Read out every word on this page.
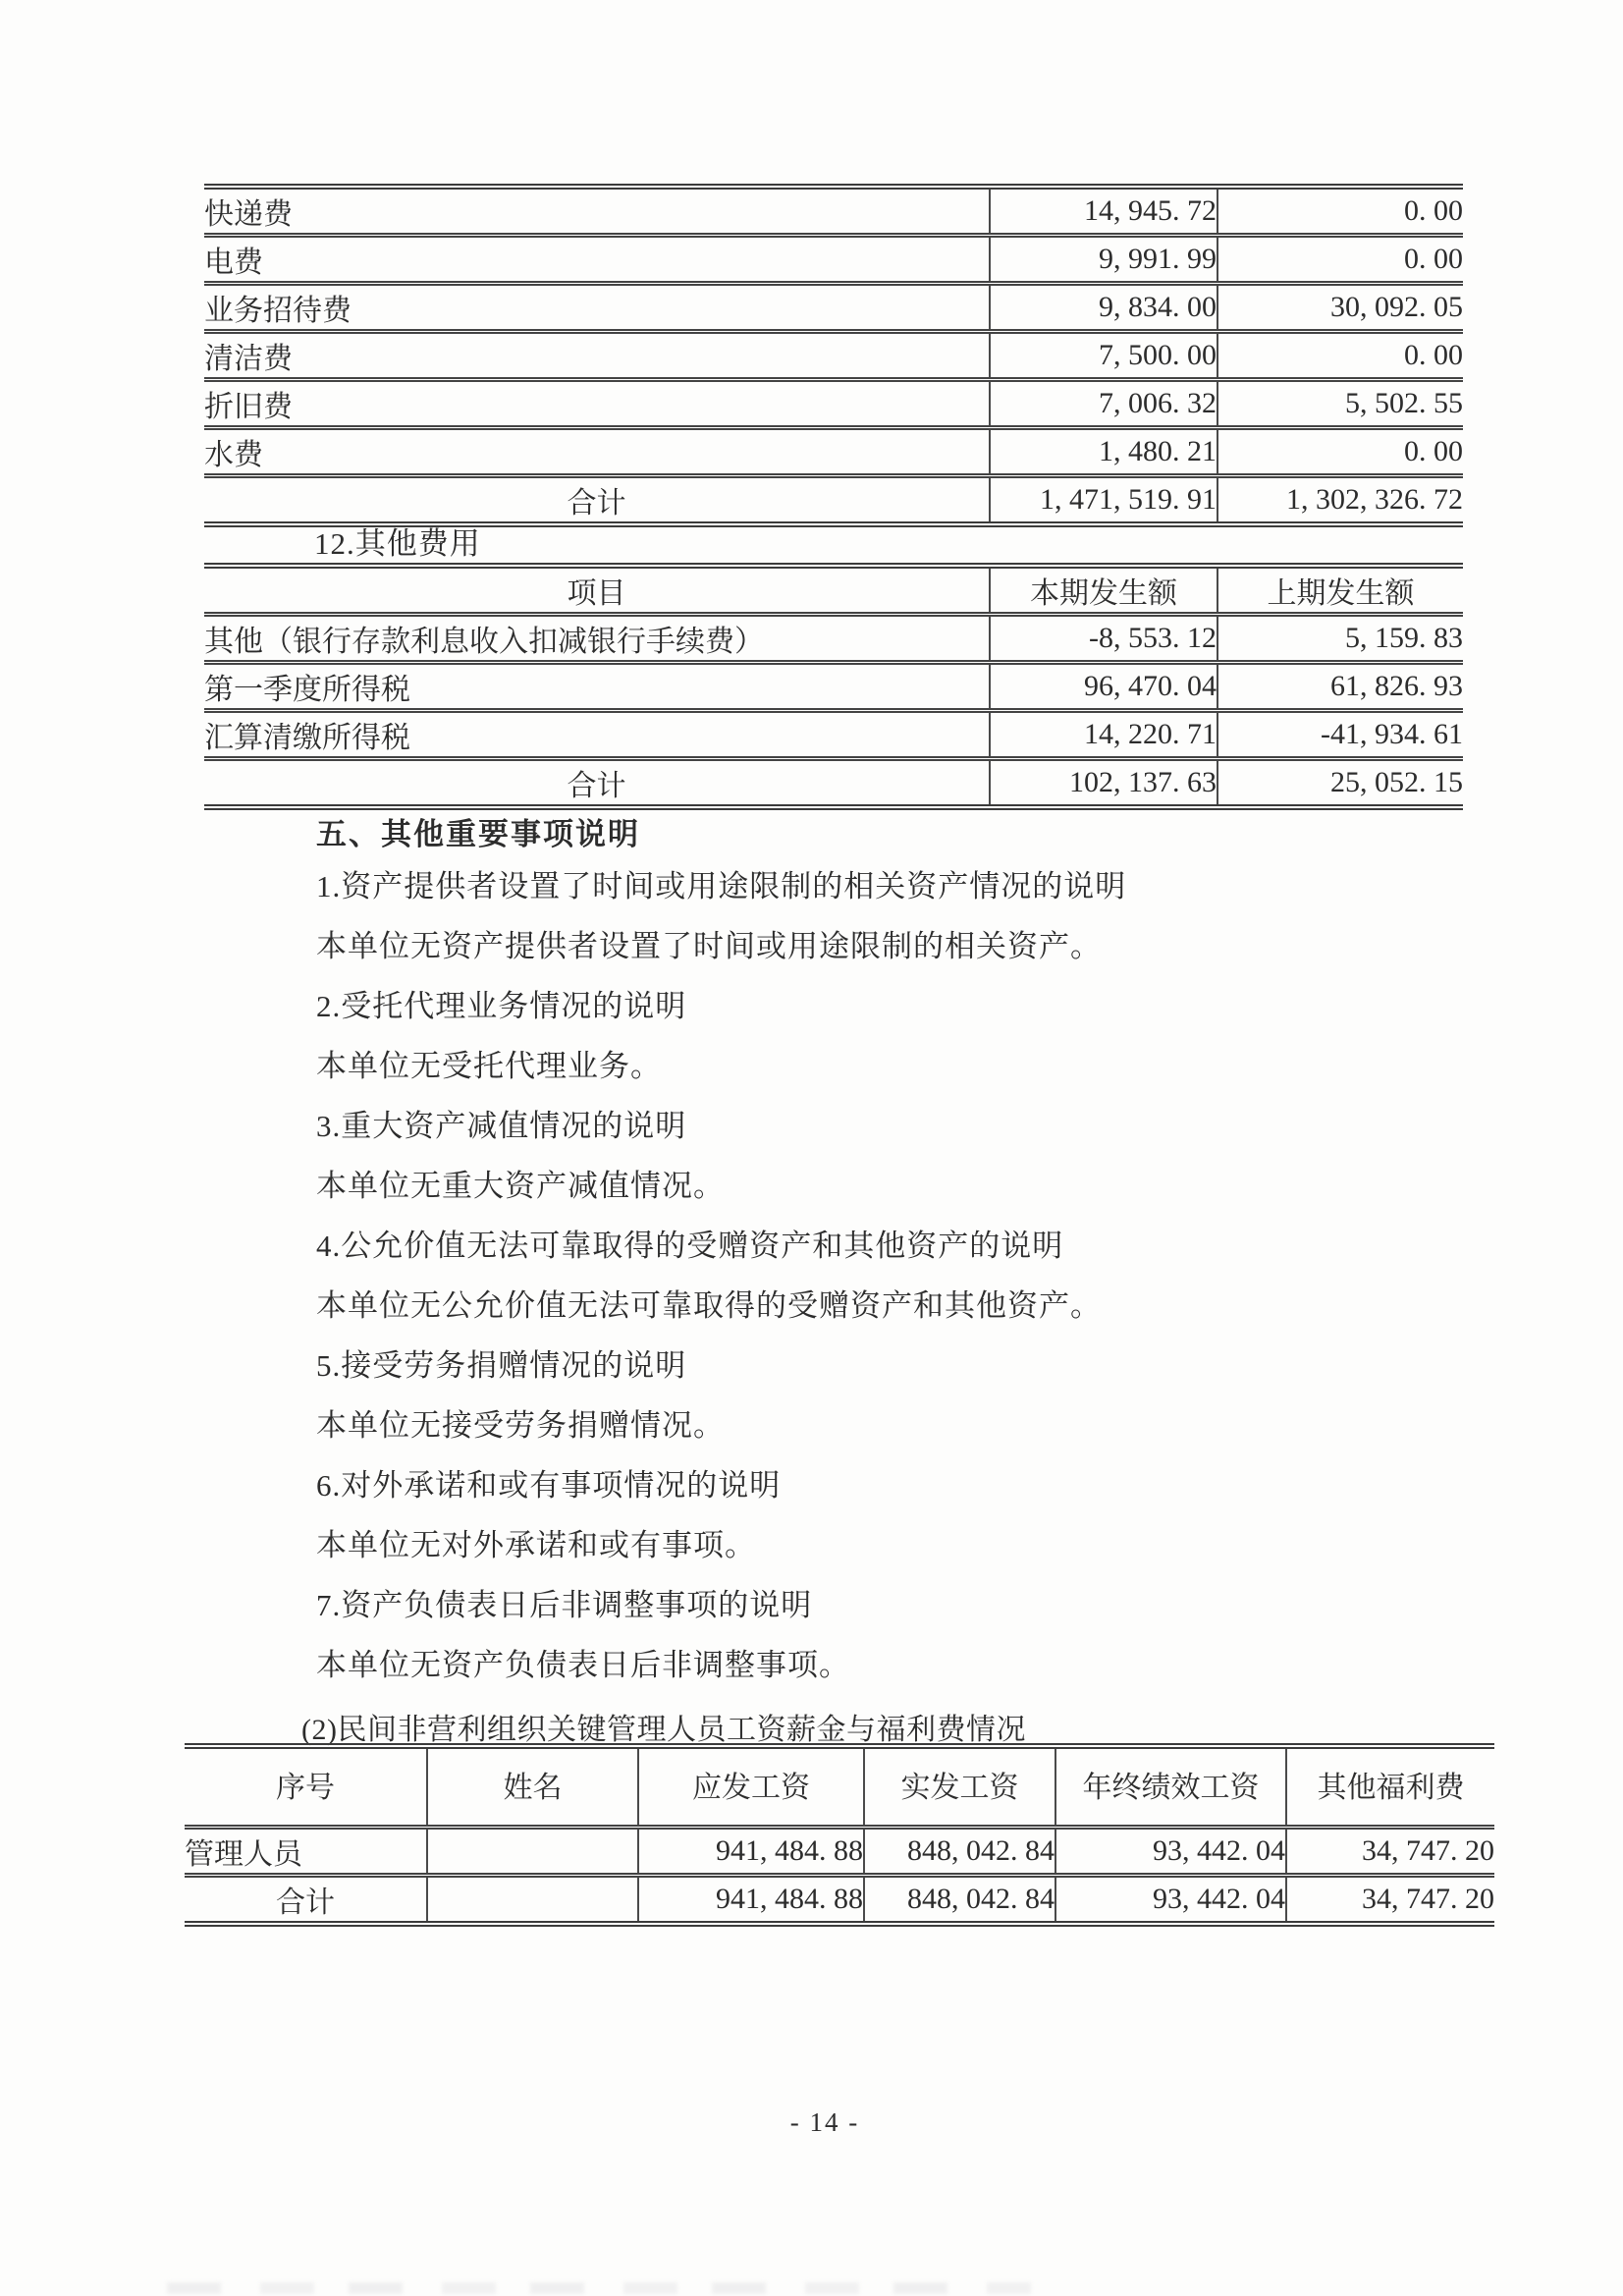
快递费	14, 945. 72	0. 00
电费	9, 991. 99	0. 00
业务招待费	9, 834. 00	30, 092. 05
清洁费	7, 500. 00	0. 00
折旧费	7, 006. 32	5, 502. 55
水费	1, 480. 21	0. 00
合计	1, 471, 519. 91	1, 302, 326. 72
12.其他费用
项目	本期发生额	上期发生额
其他（银行存款利息收入扣减银行手续费）	-8, 553. 12	5, 159. 83
第一季度所得税	96, 470. 04	61, 826. 93
汇算清缴所得税	14, 220. 71	-41, 934. 61
合计	102, 137. 63	25, 052. 15
五、其他重要事项说明
1.资产提供者设置了时间或用途限制的相关资产情况的说明
本单位无资产提供者设置了时间或用途限制的相关资产。
2.受托代理业务情况的说明
本单位无受托代理业务。
3.重大资产减值情况的说明
本单位无重大资产减值情况。
4.公允价值无法可靠取得的受赠资产和其他资产的说明
本单位无公允价值无法可靠取得的受赠资产和其他资产。
5.接受劳务捐赠情况的说明
本单位无接受劳务捐赠情况。
6.对外承诺和或有事项情况的说明
本单位无对外承诺和或有事项。
7.资产负债表日后非调整事项的说明
本单位无资产负债表日后非调整事项。
(2)民间非营利组织关键管理人员工资薪金与福利费情况
序号	姓名	应发工资	实发工资	年终绩效工资	其他福利费
管理人员		941, 484. 88	848, 042. 84	93, 442. 04	34, 747. 20
合计		941, 484. 88	848, 042. 84	93, 442. 04	34, 747. 20
- 14 -
